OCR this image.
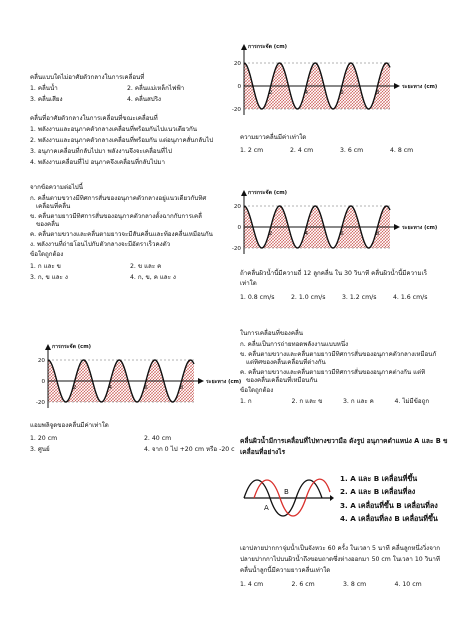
คลื่นแบบใดไม่อาศัยตัวกลางในการเคลื่อนที่
1. คลื่นน้ำ	2. คลื่นแม่เหล็กไฟฟ้า
3. คลื่นเสียง	4. คลื่นสปริง
คลื่นที่อาศัยตัวกลางในการเคลื่อนที่ขณะเคลื่อนที่
1. พลังงานและอนุภาคตัวกลางเคลื่อนที่พร้อมกันไปแนวเดียวกัน
2. พลังงานและอนุภาคตัวกลางเคลื่อนที่พร้อมกัน แต่อนุภาคสั่นกลับไป
3. อนุภาคเคลื่อนที่กลับไปมา พลังงานจึงจะเคลื่อนที่ไป
4. พลังงานเคลื่อนที่ไป อนุภาคจึงเคลื่อนที่กลับไปมา
จากข้อความต่อไปนี้
ก. คลื่นตามขวางมีทิศการสั่นของอนุภาคตัวกลางอยู่แนวเดียวกับทิศ
เคลื่อนที่คลื่น
ข. คลื่นตามยาวมีทิศการสั่นของอนุภาคตัวกลางตั้งฉากกับการเคลื่
ของคลื่น
ค. คลื่นตามขวางและคลื่นตามยาวจะมีสันคลื่นและท้องคลื่นเหมือนกัน
ง. พลังงานที่ถ่ายโอนไปกับตัวกลางจะมีอัตราเร็วคงตัว
ข้อใดถูกต้อง
1. ก และ ข	2. ข และ ค
3. ก, ข และ ง	4. ก, ข, ค และ ง
การกระจัด (cm)
ระยะทาง (cm)
20
0
-20
2	4	6	8
การกระจัด (cm)
ระยะทาง (cm)
20
0
-20
2	4	6	8
การกระจัด (cm)
ระยะทาง (cm)
20
0
-20
2	4	6	8
แอมพลิจูดของคลื่นมีค่าเท่าใด
1. 20 cm	2. 40 cm
3. ศูนย์	4. จาก 0 ไป +20 cm หรือ -20 c
ความยาวคลื่นมีค่าเท่าใด
1. 2 cm	2. 4 cm	3. 6 cm	4. 8 cm
ถ้าคลื่นผิวน้ำนี้มีความถี่ 12 ลูกคลื่น ใน 30 วินาที คลื่นผิวน้ำนี้มีความเร็
เท่าใด
1. 0.8 cm/s	2. 1.0 cm/s	3. 1.2 cm/s	4. 1.6 cm/s
ในการเคลื่อนที่ของคลื่น
ก. คลื่นเป็นการถ่ายทอดพลังงานแบบหนึ่ง
ข. คลื่นตามขวางและคลื่นตามยาวมีทิศการสั่นของอนุภาคตัวกลางเหมือนกั
แต่ทิศของคลื่นเคลื่อนที่ต่างกัน
ค. คลื่นตามขวางและคลื่นตามยาวมีทิศการสั่นของอนุภาคต่างกัน แต่ทิ
ของคลื่นเคลื่อนที่เหมือนกัน
ข้อใดถูกต้อง
1. ก	2. ก และ ข	3. ก และ ค	4. ไม่มีข้อถูก
คลื่นผิวน้ำมีการเคลื่อนที่ไปทางขวามือ ดังรูป อนุภาคตำแหน่ง A และ B ข
เคลื่อนที่อย่างไร
A
B
1. A และ B เคลื่อนที่ขึ้น
2. A และ B เคลื่อนที่ลง
3. A เคลื่อนที่ขึ้น B เคลื่อนที่ลง
4. A เคลื่อนที่ลง B เคลื่อนที่ขึ้น
เอาปลายปากกาจุ่มน้ำเป็นจังหวะ 60 ครั้ง ในเวลา 5 นาที คลื่นลูกหนึ่งวิ่งจาก
ปลายปากกาไปบนผิวน้ำถึงขอบถาดซึ่งห่างออกมา 50 cm ในเวลา 10 วินาที
คลื่นน้ำลูกนี้มีความยาวคลื่นเท่าใด
1. 4 cm	2. 6 cm	3. 8 cm	4. 10 cm
